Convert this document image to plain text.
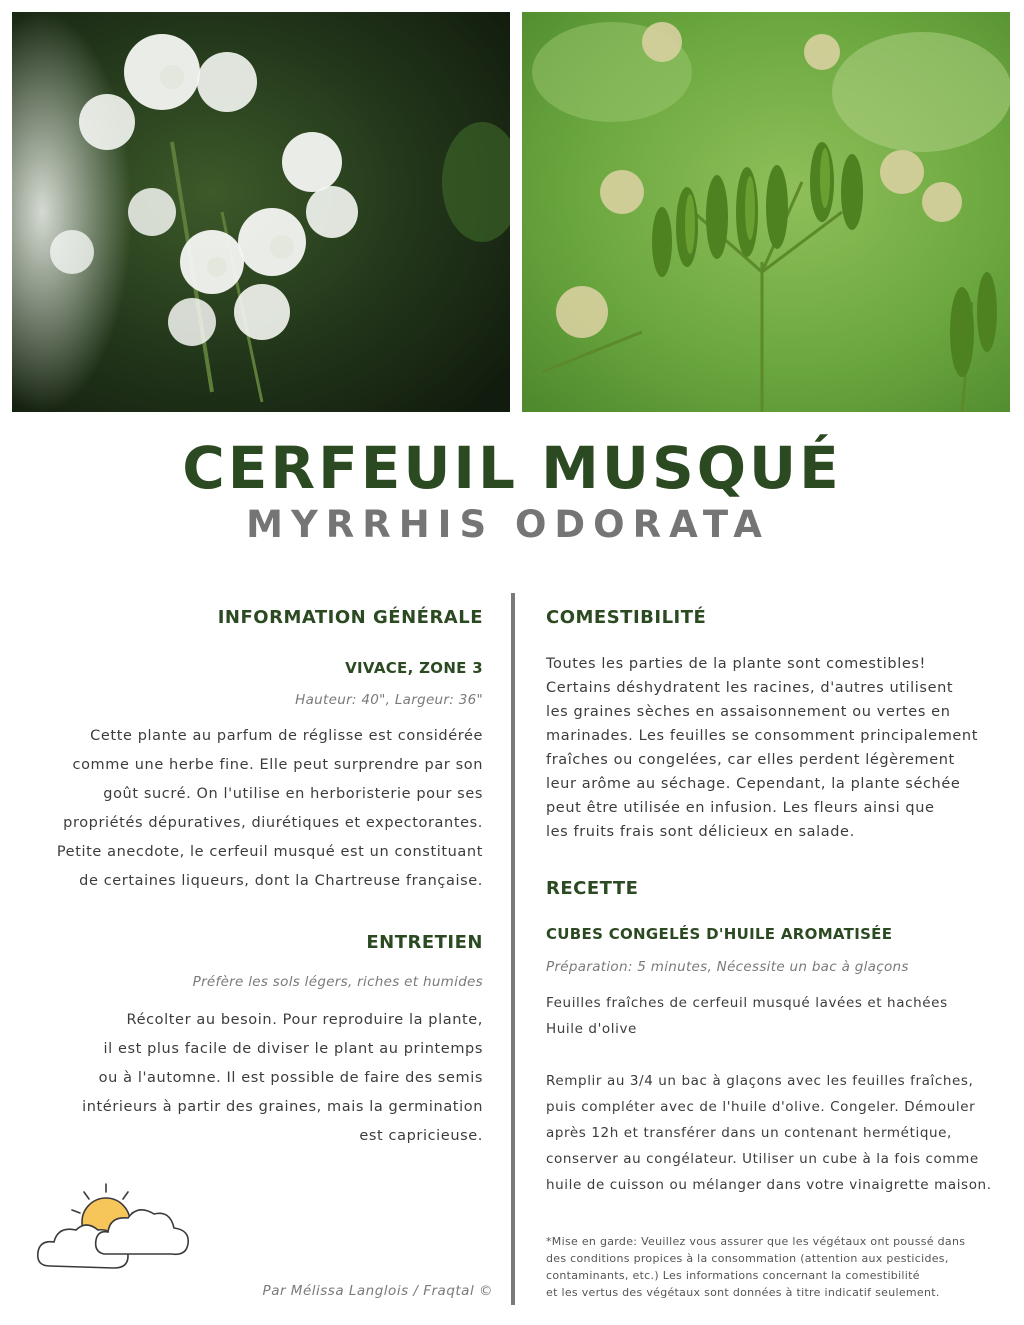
CERFEUIL MUSQUÉ
MYRRHIS ODORATA
INFORMATION GÉNÉRALE
VIVACE, ZONE 3
Hauteur: 40", Largeur: 36"
Cette plante au parfum de réglisse est considérée
comme une herbe fine. Elle peut surprendre par son
goût sucré. On l'utilise en herboristerie pour ses
propriétés dépuratives, diurétiques et expectorantes.
Petite anecdote, le cerfeuil musqué est un constituant
de certaines liqueurs, dont la Chartreuse française.
ENTRETIEN
Préfère les sols légers, riches et humides
Récolter au besoin. Pour reproduire la plante,
il est plus facile de diviser le plant au printemps
ou à l'automne. Il est possible de faire des semis
intérieurs à partir des graines, mais la germination
est capricieuse.
Par Mélissa Langlois / Fraqtal ©
COMESTIBILITÉ
Toutes les parties de la plante sont comestibles!
Certains déshydratent les racines, d'autres utilisent
les graines sèches en assaisonnement ou vertes en
marinades. Les feuilles se consomment principalement
fraîches ou congelées, car elles perdent légèrement
leur arôme au séchage. Cependant, la plante séchée
peut être utilisée en infusion. Les fleurs ainsi que
les fruits frais sont délicieux en salade.
RECETTE
CUBES CONGELÉS D'HUILE AROMATISÉE
Préparation: 5 minutes, Nécessite un bac à glaçons
Feuilles fraîches de cerfeuil musqué lavées et hachées
Huile d'olive
Remplir au 3/4 un bac à glaçons avec les feuilles fraîches,
puis compléter avec de l'huile d'olive. Congeler. Démouler
après 12h et transférer dans un contenant hermétique,
conserver au congélateur. Utiliser un cube à la fois comme
huile de cuisson ou mélanger dans votre vinaigrette maison.
*Mise en garde: Veuillez vous assurer que les végétaux ont poussé dans
des conditions propices à la consommation (attention aux pesticides,
contaminants, etc.) Les informations concernant la comestibilité
et les vertus des végétaux sont données à titre indicatif seulement.
